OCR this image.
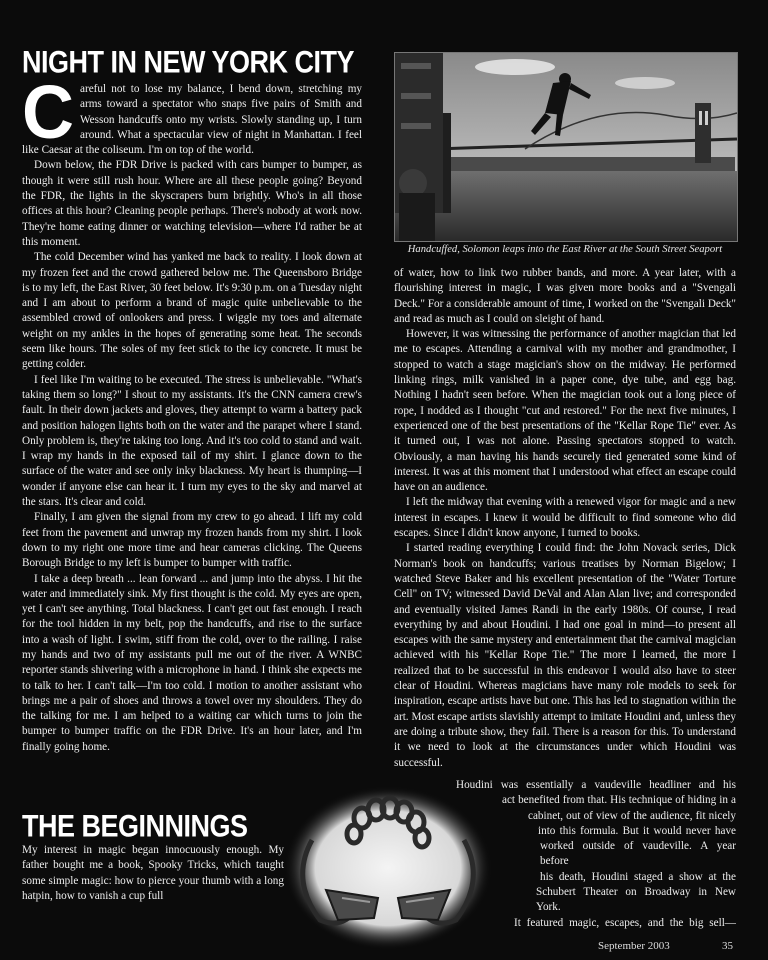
NIGHT IN NEW YORK CITY

Careful not to lose my balance, I bend down, stretching my arms toward a spectator who snaps five pairs of Smith and Wesson handcuffs onto my wrists. Slowly standing up, I turn around. What a spectacular view of night in Manhattan. I feel like Caesar at the coliseum. I'm on top of the world.

Down below, the FDR Drive is packed with cars bumper to bumper, as though it were still rush hour. Where are all these people going? Beyond the FDR, the lights in the skyscrapers burn brightly. Who's in all those offices at this hour? Cleaning people perhaps. There's nobody at work now. They're home eating dinner or watching television—where I'd rather be at this moment.

The cold December wind has yanked me back to reality. I look down at my frozen feet and the crowd gathered below me. The Queensboro Bridge is to my left, the East River, 30 feet below. It's 9:30 p.m. on a Tuesday night and I am about to perform a brand of magic quite unbelievable to the assembled crowd of onlookers and press. I wiggle my toes and alternate weight on my ankles in the hopes of generating some heat. The seconds seem like hours. The soles of my feet stick to the icy concrete. It must be getting colder.

I feel like I'm waiting to be executed. The stress is unbelievable. "What's taking them so long?" I shout to my assistants. It's the CNN camera crew's fault. In their down jackets and gloves, they attempt to warm a battery pack and position halogen lights both on the water and the parapet where I stand. Only problem is, they're taking too long. And it's too cold to stand and wait. I wrap my hands in the exposed tail of my shirt. I glance down to the surface of the water and see only inky blackness. My heart is thumping—I wonder if anyone else can hear it. I turn my eyes to the sky and marvel at the stars. It's clear and cold.

Finally, I am given the signal from my crew to go ahead. I lift my cold feet from the pavement and unwrap my frozen hands from my shirt. I look down to my right one more time and hear cameras clicking. The Queens Borough Bridge to my left is bumper to bumper with traffic.

I take a deep breath ... lean forward ... and jump into the abyss. I hit the water and immediately sink. My first thought is the cold. My eyes are open, yet I can't see anything. Total blackness. I can't get out fast enough. I reach for the tool hidden in my belt, pop the handcuffs, and rise to the surface into a wash of light. I swim, stiff from the cold, over to the railing. I raise my hands and two of my assistants pull me out of the river. A WNBC reporter stands shivering with a microphone in hand. I think she expects me to talk to her. I can't talk—I'm too cold. I motion to another assistant who brings me a pair of shoes and throws a towel over my shoulders. They do the talking for me. I am helped to a waiting car which turns to join the bumper to bumper traffic on the FDR Drive. It's an hour later, and I'm finally going home.

THE BEGINNINGS

My interest in magic began innocuously enough. My father bought me a book, Spooky Tricks, which taught some simple magic: how to pierce your thumb with a long hatpin, how to vanish a cup full

Handcuffed, Solomon leaps into the East River at the South Street Seaport

of water, how to link two rubber bands, and more. A year later, with a flourishing interest in magic, I was given more books and a "Svengali Deck." For a considerable amount of time, I worked on the "Svengali Deck" and read as much as I could on sleight of hand.

However, it was witnessing the performance of another magician that led me to escapes. Attending a carnival with my mother and grandmother, I stopped to watch a stage magician's show on the midway. He performed linking rings, milk vanished in a paper cone, dye tube, and egg bag. Nothing I hadn't seen before. When the magician took out a long piece of rope, I nodded as I thought "cut and restored." For the next five minutes, I experienced one of the best presentations of the "Kellar Rope Tie" ever. As it turned out, I was not alone. Passing spectators stopped to watch. Obviously, a man having his hands securely tied generated some kind of interest. It was at this moment that I understood what effect an escape could have on an audience.

I left the midway that evening with a renewed vigor for magic and a new interest in escapes. I knew it would be difficult to find someone who did escapes. Since I didn't know anyone, I turned to books.

I started reading everything I could find: the John Novack series, Dick Norman's book on handcuffs; various treatises by Norman Bigelow; I watched Steve Baker and his excellent presentation of the "Water Torture Cell" on TV; witnessed David DeVal and Alan Alan live; and corresponded and eventually visited James Randi in the early 1980s. Of course, I read everything by and about Houdini. I had one goal in mind—to present all escapes with the same mystery and entertainment that the carnival magician achieved with his "Kellar Rope Tie." The more I learned, the more I realized that to be successful in this endeavor I would also have to steer clear of Houdini. Whereas magicians have many role models to seek for inspiration, escape artists have but one. This has led to stagnation within the art. Most escape artists slavishly attempt to imitate Houdini and, unless they are doing a tribute show, they fail. There is a reason for this. To understand it we need to look at the circumstances under which Houdini was successful.

Houdini was essentially a vaudeville headliner and his
act benefited from that. His technique of hiding in a
cabinet, out of view of the audience, fit nicely
into this formula. But it would never have
worked outside of vaudeville. A year before
his death, Houdini staged a show at the
Schubert Theater on Broadway in New York.
It featured magic, escapes, and the big sell—
September 2003	35
